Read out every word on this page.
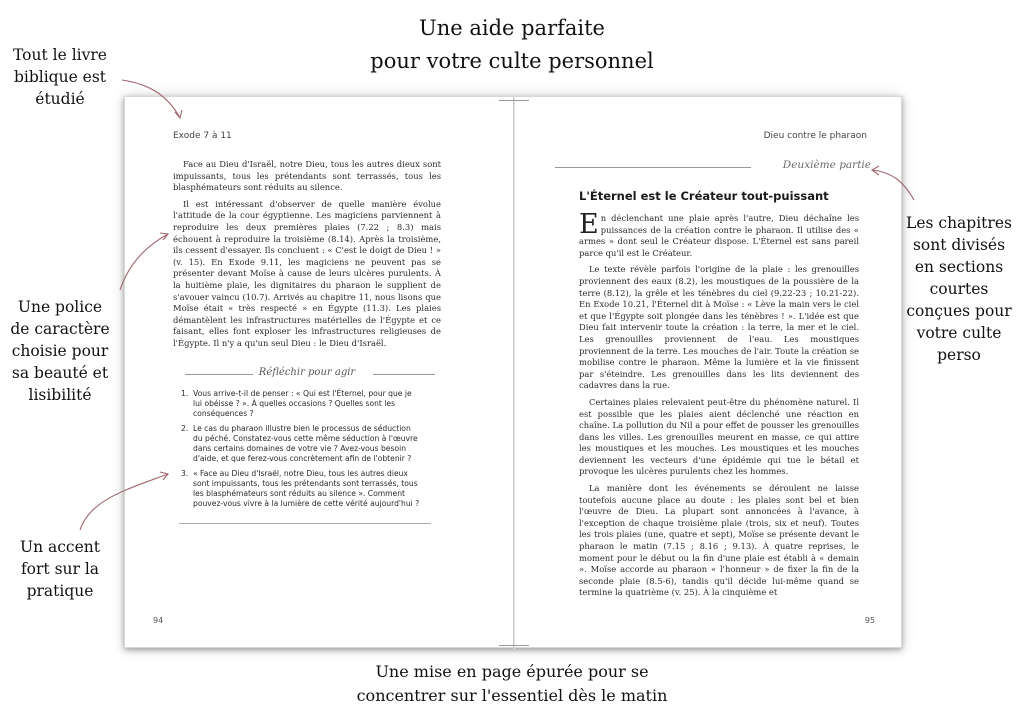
Une aide parfaite
pour votre culte personnel
Tout le livre
biblique est
étudié
Une police
de caractère
choisie pour
sa beauté et
lisibilité
Un accent
fort sur la
pratique
Les chapitres
sont divisés
en sections
courtes
conçues pour
votre culte
perso
Exode 7 à 11

Face au Dieu d'Israël, notre Dieu, tous les autres dieux sont impuissants, tous les prétendants sont terrassés, tous les blasphémateurs sont réduits au silence.

Il est intéressant d'observer de quelle manière évolue l'attitude de la cour égyptienne. Les magiciens parviennent à reproduire les deux premières plaies (7.22 ; 8.3) mais échouent à reproduire la troisième (8.14). Après la troisième, ils cessent d'essayer. Ils concluent : « C'est le doigt de Dieu ! » (v. 15). En Exode 9.11, les magiciens ne peuvent pas se présenter devant Moïse à cause de leurs ulcères purulents. À la huitième plaie, les dignitaires du pharaon le supplient de s'avouer vaincu (10.7). Arrivés au chapitre 11, nous lisons que Moïse était « très respecté » en Égypte (11.3). Les plaies démantèlent les infrastructures matérielles de l'Égypte et ce faisant, elles font exploser les infrastructures religieuses de l'Égypte. Il n'y a qu'un seul Dieu : le Dieu d'Israël.

Réfléchir pour agir
1. Vous arrive-t-il de penser : « Qui est l'Éternel, pour que je lui obéisse ? ». À quelles occasions ? Quelles sont les conséquences ?
2. Le cas du pharaon illustre bien le processus de séduction du péché. Constatez-vous cette même séduction à l'œuvre dans certains domaines de votre vie ? Avez-vous besoin d'aide, et que ferez-vous concrètement afin de l'obtenir ?
3. « Face au Dieu d'Israël, notre Dieu, tous les autres dieux sont impuissants, tous les prétendants sont terrassés, tous les blasphémateurs sont réduits au silence ». Comment pouvez-vous vivre à la lumière de cette vérité aujourd'hui ?
94
Dieu contre le pharaon
Deuxième partie
L'Éternel est le Créateur tout-puissant

En déclenchant une plaie après l'autre, Dieu déchaîne les puissances de la création contre le pharaon. Il utilise des « armes » dont seul le Créateur dispose. L'Éternel est sans pareil parce qu'il est le Créateur.

Le texte révèle parfois l'origine de la plaie : les grenouilles proviennent des eaux (8.2), les moustiques de la poussière de la terre (8.12), la grêle et les ténèbres du ciel (9.22-23 ; 10.21-22). En Exode 10.21, l'Éternel dit à Moïse : « Lève la main vers le ciel et que l'Égypte soit plongée dans les ténèbres ! ». L'idée est que Dieu fait intervenir toute la création : la terre, la mer et le ciel. Les grenouilles proviennent de l'eau. Les moustiques proviennent de la terre. Les mouches de l'air. Toute la création se mobilise contre le pharaon. Même la lumière et la vie finissent par s'éteindre. Les grenouilles dans les lits deviennent des cadavres dans la rue.

Certaines plaies relevaient peut-être du phénomène naturel. Il est possible que les plaies aient déclenché une réaction en chaîne. La pollution du Nil a pour effet de pousser les grenouilles dans les villes. Les grenouilles meurent en masse, ce qui attire les moustiques et les mouches. Les moustiques et les mouches deviennent les vecteurs d'une épidémie qui tue le bétail et provoque les ulcères purulents chez les hommes.

La manière dont les événements se déroulent ne laisse toutefois aucune place au doute : les plaies sont bel et bien l'œuvre de Dieu. La plupart sont annoncées à l'avance, à l'exception de chaque troisième plaie (trois, six et neuf). Toutes les trois plaies (une, quatre et sept), Moïse se présente devant le pharaon le matin (7.15 ; 8.16 ; 9.13). À quatre reprises, le moment pour le début ou la fin d'une plaie est établi à « demain ». Moïse accorde au pharaon « l'honneur » de fixer la fin de la seconde plaie (8.5-6), tandis qu'il décide lui-même quand se termine la quatrième (v. 25). À la cinquième et

95
Une mise en page épurée pour se
concentrer sur l'essentiel dès le matin
